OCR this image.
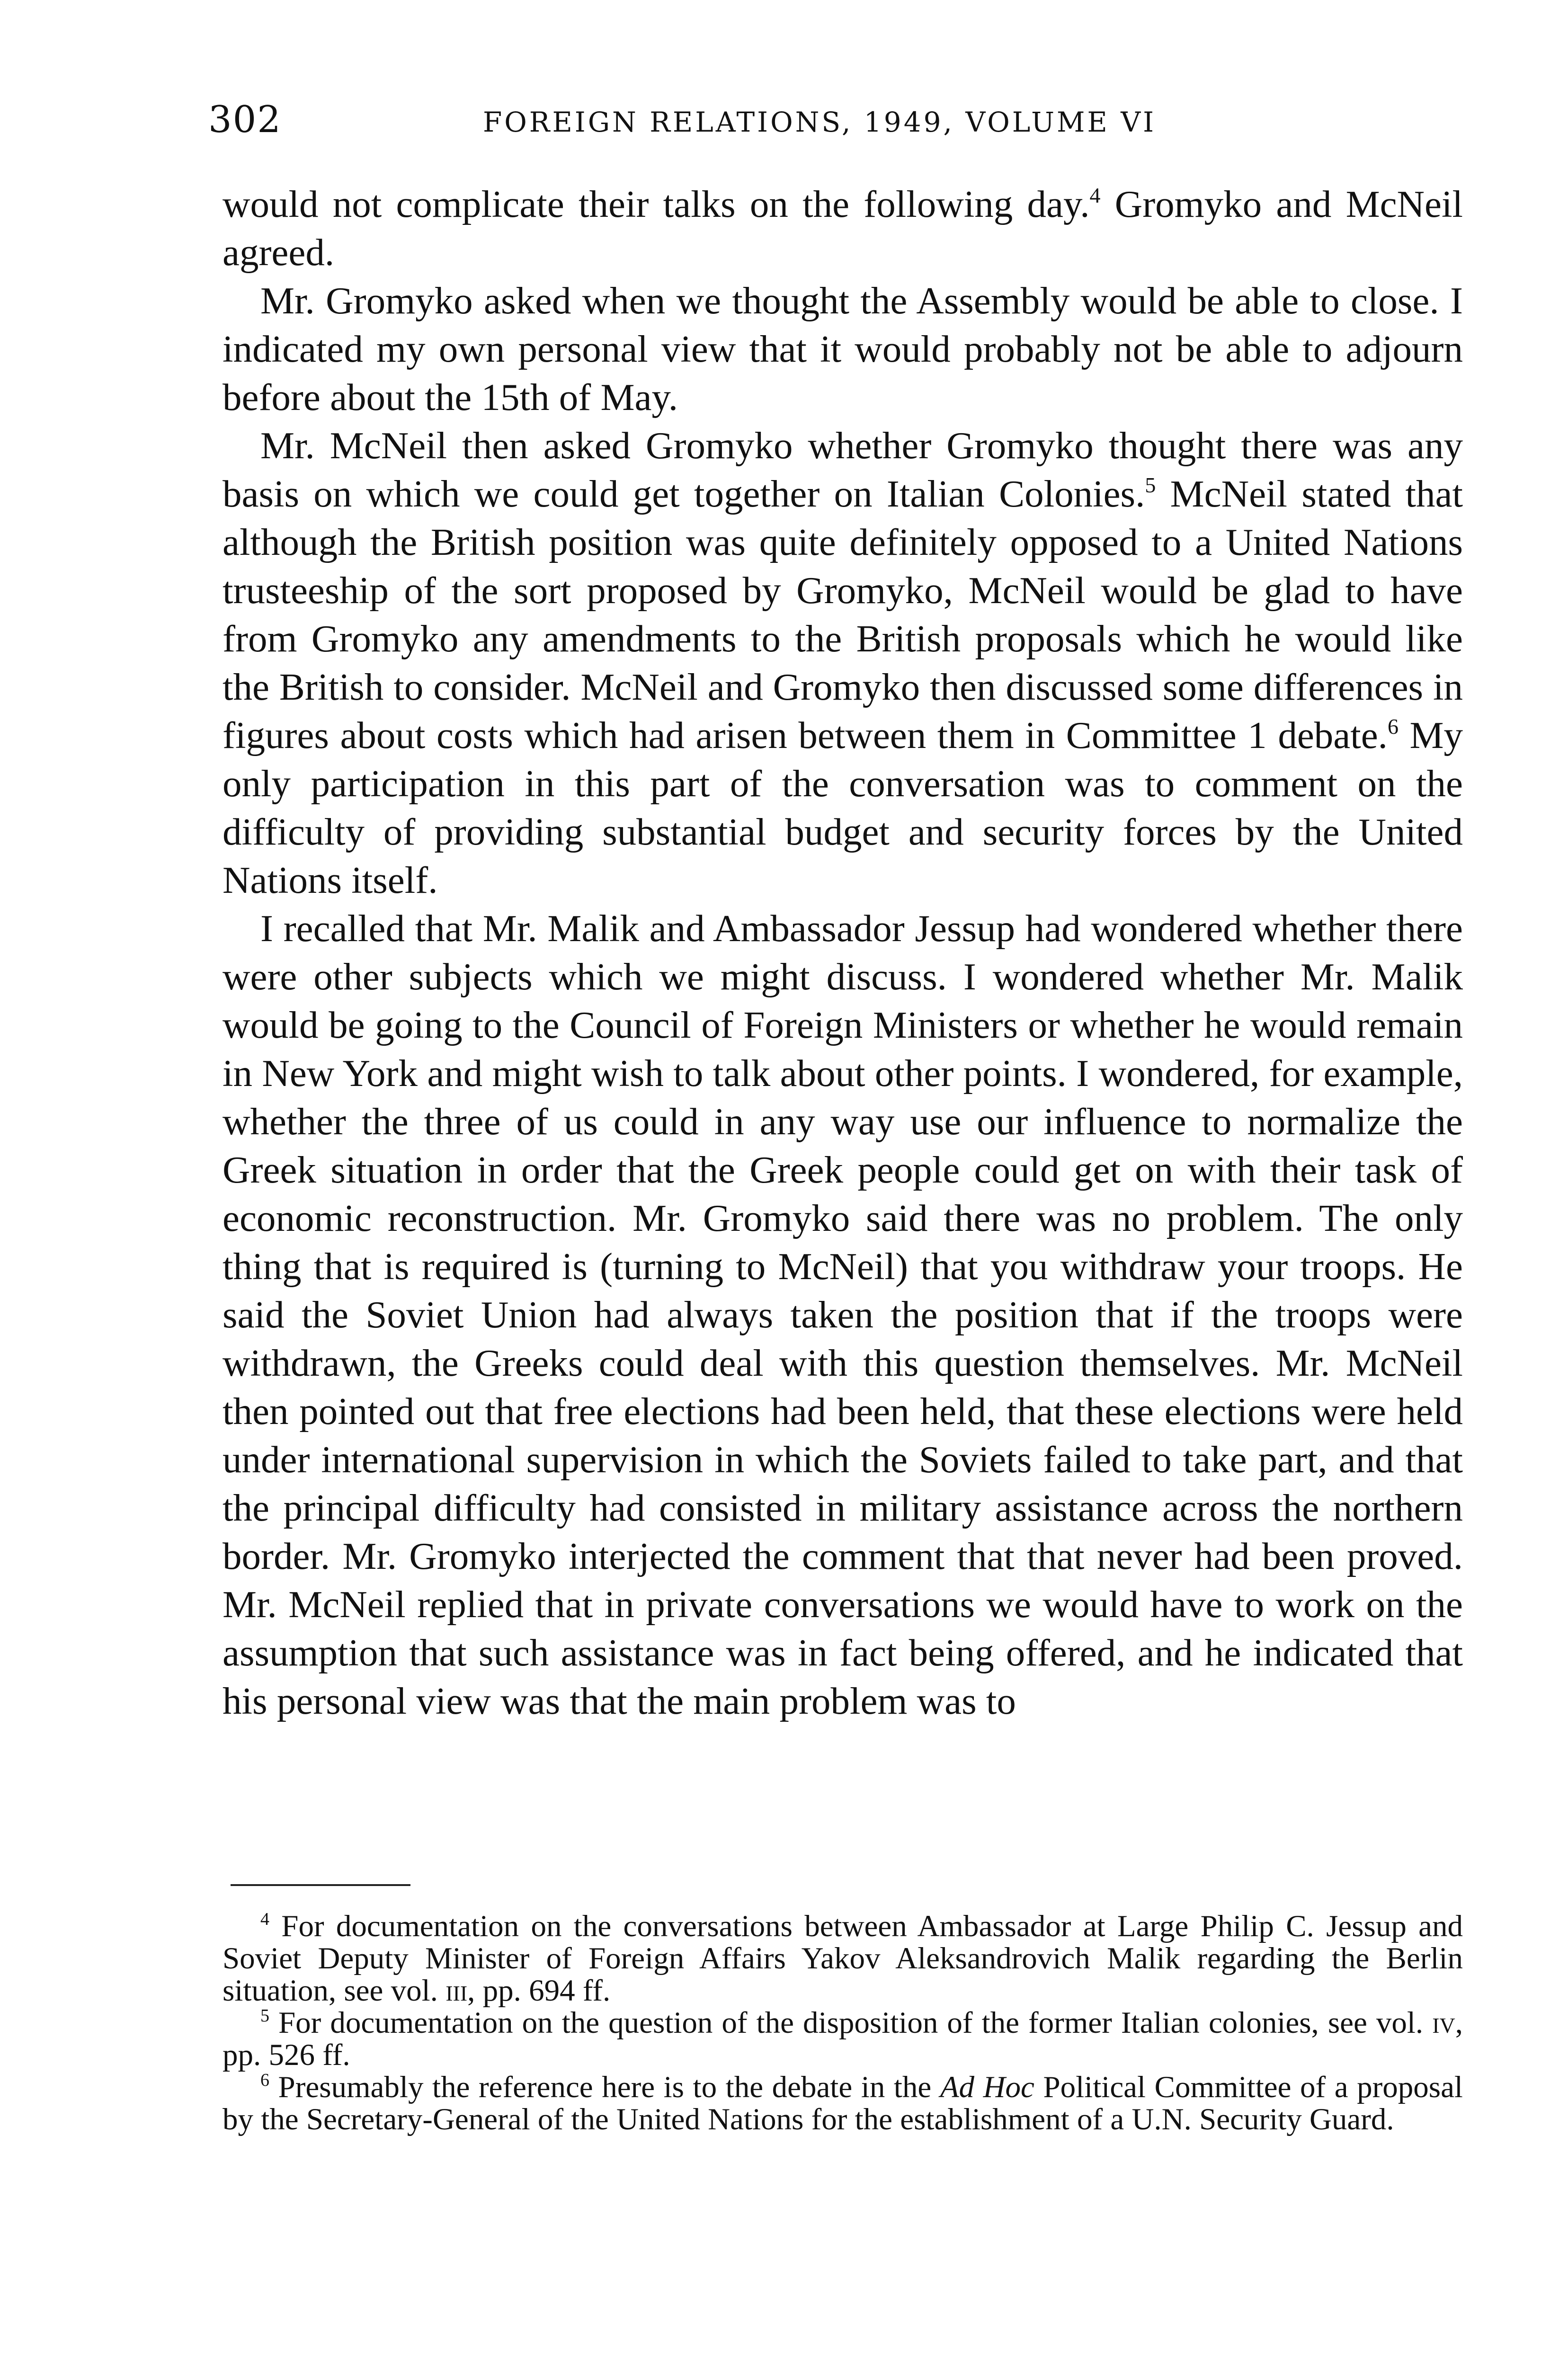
302	FOREIGN RELATIONS, 1949, VOLUME VI

would not complicate their talks on the following day.$^4$ Gromyko and McNeil agreed.

Mr. Gromyko asked when we thought the Assembly would be able to close. I indicated my own personal view that it would probably not be able to adjourn before about the 15th of May.

Mr. McNeil then asked Gromyko whether Gromyko thought there was any basis on which we could get together on Italian Colonies.$^5$ McNeil stated that although the British position was quite definitely opposed to a United Nations trusteeship of the sort proposed by Gromyko, McNeil would be glad to have from Gromyko any amendments to the British proposals which he would like the British to consider. McNeil and Gromyko then discussed some differences in figures about costs which had arisen between them in Committee 1 debate.$^6$ My only participation in this part of the conversation was to comment on the difficulty of providing substantial budget and security forces by the United Nations itself.

I recalled that Mr. Malik and Ambassador Jessup had wondered whether there were other subjects which we might discuss. I wondered whether Mr. Malik would be going to the Council of Foreign Ministers or whether he would remain in New York and might wish to talk about other points. I wondered, for example, whether the three of us could in any way use our influence to normalize the Greek situation in order that the Greek people could get on with their task of economic reconstruction. Mr. Gromyko said there was no problem. The only thing that is required is (turning to McNeil) that you withdraw your troops. He said the Soviet Union had always taken the position that if the troops were withdrawn, the Greeks could deal with this question themselves. Mr. McNeil then pointed out that free elections had been held, that these elections were held under international supervision in which the Soviets failed to take part, and that the principal difficulty had consisted in military assistance across the northern border. Mr. Gromyko interjected the comment that that never had been proved. Mr. McNeil replied that in private conversations we would have to work on the assumption that such assistance was in fact being offered, and he indicated that his personal view was that the main problem was to

$^4$ For documentation on the conversations between Ambassador at Large Philip C. Jessup and Soviet Deputy Minister of Foreign Affairs Yakov Aleksandrovich Malik regarding the Berlin situation, see vol. iii, pp. 694 ff.

$^5$ For documentation on the question of the disposition of the former Italian colonies, see vol. iv, pp. 526 ff.

$^6$ Presumably the reference here is to the debate in the Ad Hoc Political Committee of a proposal by the Secretary-General of the United Nations for the establishment of a U.N. Security Guard.
